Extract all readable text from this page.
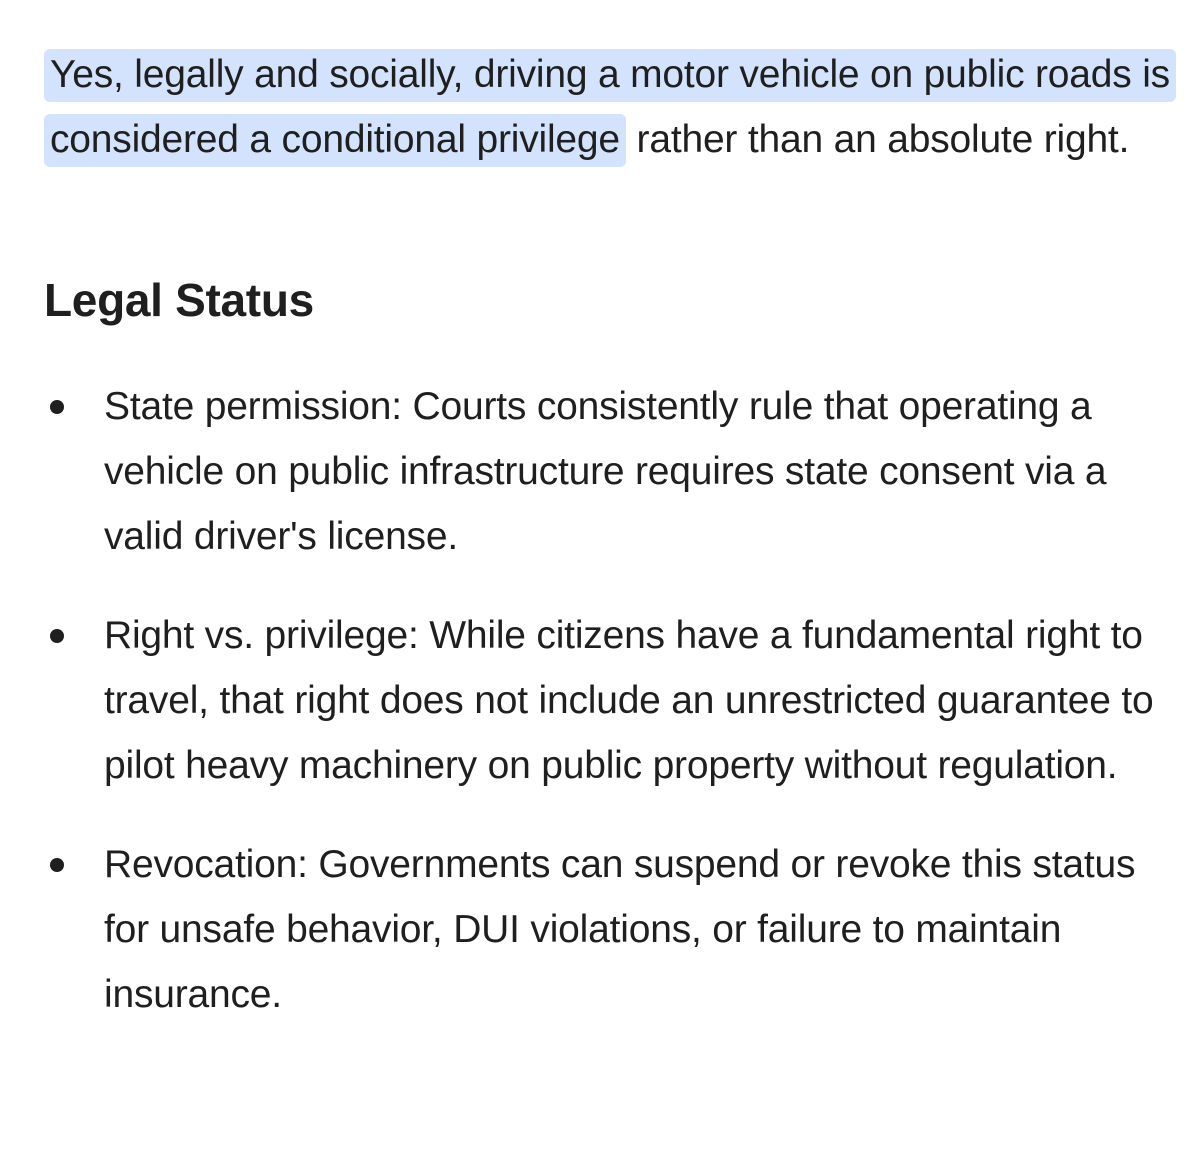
Yes, legally and socially, driving a motor vehicle on public roads is considered a conditional privilege rather than an absolute right.

Legal Status
State permission: Courts consistently rule that operating a vehicle on public infrastructure requires state consent via a valid driver's license.
Right vs. privilege: While citizens have a fundamental right to travel, that right does not include an unrestricted guarantee to pilot heavy machinery on public property without regulation.
Revocation: Governments can suspend or revoke this status for unsafe behavior, DUI violations, or failure to maintain insurance.
